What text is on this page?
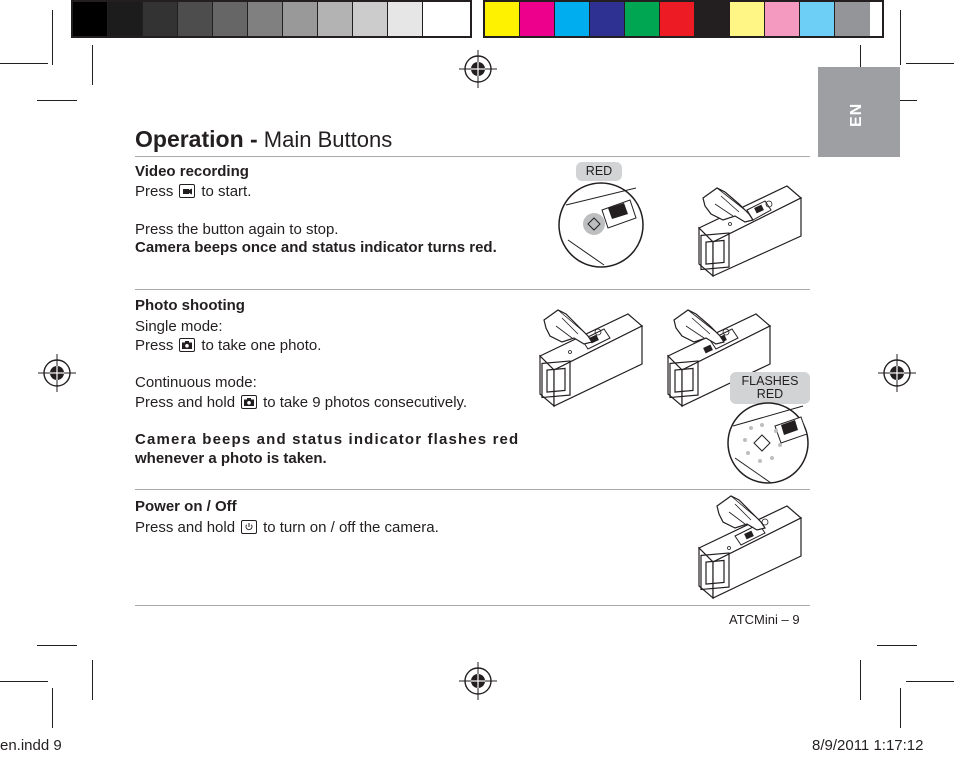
EN
Operation - Main Buttons
Video recording
Press to start.
Press the button again to stop.
Camera beeps once and status indicator turns red.
RED
Photo shooting
Single mode:
Press to take one photo.
Continuous mode:
Press and hold to take 9 photos consecutively.
Camera beeps and status indicator flashes red
whenever a photo is taken.
FLASHES
RED
Power on / Off
Press and hold to turn on / off the camera.
ATCMini – 9
en.indd 9	8/9/2011 1:17:12
